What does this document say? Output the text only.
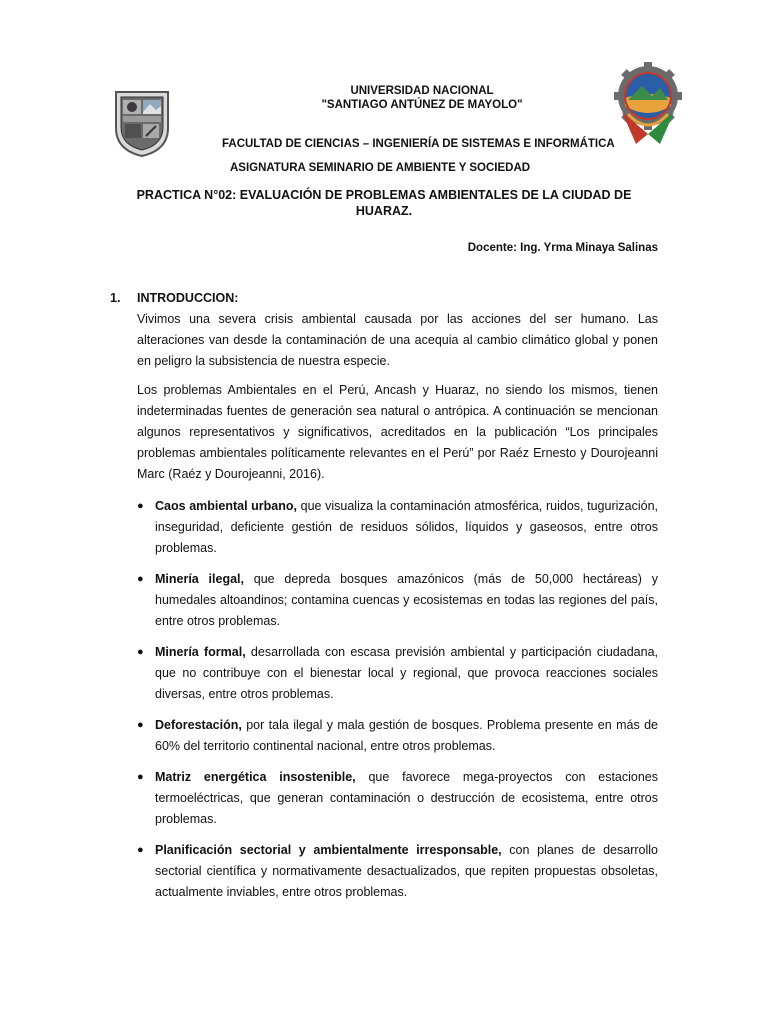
UNIVERSIDAD NACIONAL
"SANTIAGO ANTÚNEZ DE MAYOLO"
FACULTAD DE CIENCIAS – INGENIERÍA DE SISTEMAS E INFORMÁTICA
ASIGNATURA SEMINARIO DE AMBIENTE Y SOCIEDAD
PRACTICA N°02: EVALUACIÓN DE PROBLEMAS AMBIENTALES DE LA CIUDAD DE HUARAZ.
Docente: Ing. Yrma Minaya Salinas
1. INTRODUCCION:
Vivimos una severa crisis ambiental causada por las acciones del ser humano. Las alteraciones van desde la contaminación de una acequia al cambio climático global y ponen en peligro la subsistencia de nuestra especie.
Los problemas Ambientales en el Perú, Ancash y Huaraz, no siendo los mismos, tienen indeterminadas fuentes de generación sea natural o antrópica. A continuación se mencionan algunos representativos y significativos, acreditados en la publicación “Los principales problemas ambientales políticamente relevantes en el Perú” por Raéz Ernesto y Dourojeanni Marc (Raéz y Dourojeanni, 2016).
● Caos ambiental urbano, que visualiza la contaminación atmosférica, ruidos, tugurización, inseguridad, deficiente gestión de residuos sólidos, líquidos y gaseosos, entre otros problemas.
● Minería ilegal, que depreda bosques amazónicos (más de 50,000 hectáreas) y humedales altoandinos; contamina cuencas y ecosistemas en todas las regiones del país, entre otros problemas.
● Minería formal, desarrollada con escasa previsión ambiental y participación ciudadana, que no contribuye con el bienestar local y regional, que provoca reacciones sociales diversas, entre otros problemas.
● Deforestación, por tala ilegal y mala gestión de bosques. Problema presente en más de 60% del territorio continental nacional, entre otros problemas.
● Matriz energética insostenible, que favorece mega-proyectos con estaciones termoeléctricas, que generan contaminación o destrucción de ecosistema, entre otros problemas.
● Planificación sectorial y ambientalmente irresponsable, con planes de desarrollo sectorial científica y normativamente desactualizados, que repiten propuestas obsoletas, actualmente inviables, entre otros problemas.
